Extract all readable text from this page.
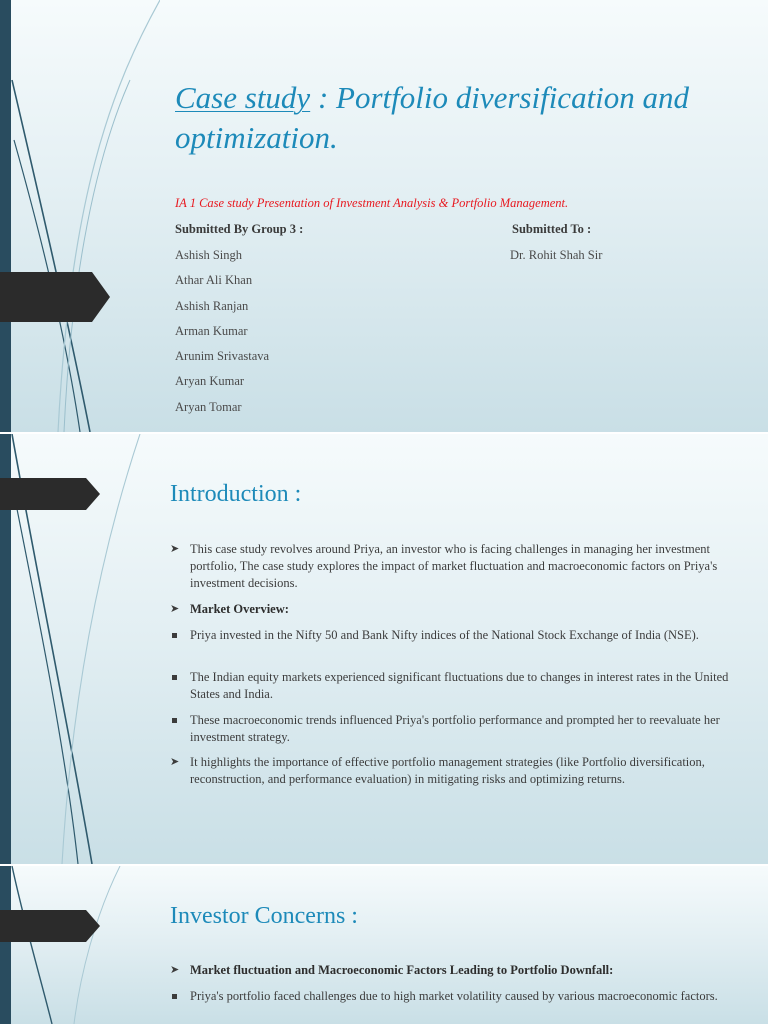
Case study : Portfolio diversification and optimization.
IA 1 Case study Presentation of Investment Analysis & Portfolio Management.
Submitted By Group 3 :	Submitted To :
Dr. Rohit Shah Sir
Ashish Singh
Athar Ali Khan
Ashish Ranjan
Arman Kumar
Arunim Srivastava
Aryan Kumar
Aryan Tomar
Introduction :
➤ This case study revolves around Priya, an investor who is facing challenges in managing her investment portfolio, The case study explores the impact of market fluctuation and macroeconomic factors on Priya's investment decisions.
➤ Market Overview:
Priya invested in the Nifty 50 and Bank Nifty indices of the National Stock Exchange of India (NSE).
The Indian equity markets experienced significant fluctuations due to changes in interest rates in the United States and India.
These macroeconomic trends influenced Priya's portfolio performance and prompted her to reevaluate her investment strategy.
➤ It highlights the importance of effective portfolio management strategies (like Portfolio diversification, reconstruction, and performance evaluation) in mitigating risks and optimizing returns.
Investor Concerns :
➤ Market fluctuation and Macroeconomic Factors Leading to Portfolio Downfall:
Priya's portfolio faced challenges due to high market volatility caused by various macroeconomic factors.
